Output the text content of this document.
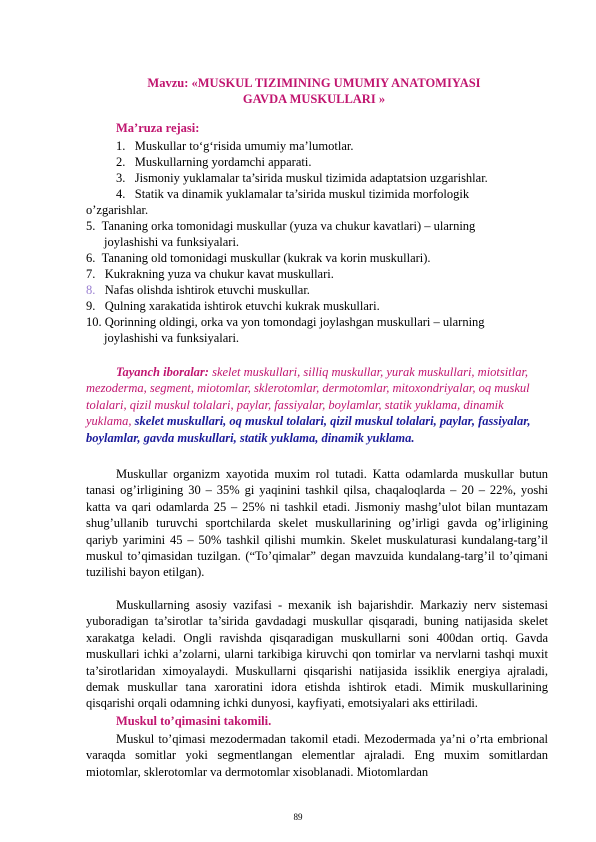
Mavzu: «MUSKUL TIZIMINING UMUMIY ANATOMIYASI
GAVDA MUSKULLARI »
Ma’ruza rejasi:
1. Muskullar to‘g‘risida umumiy ma’lumotlar.
2. Muskullarning yordamchi apparati.
3. Jismoniy yuklamalar ta’sirida muskul tizimida adaptatsion uzgarishlar.
4. Statik va dinamik yuklamalar ta’sirida muskul tizimida morfologik
o’zgarishlar.
5. Tananing orka tomonidagi muskullar (yuza va chukur kavatlari) – ularning
joylashishi va funksiyalari.
6. Tananing old tomonidagi muskullar (kukrak va korin muskullari).
7. Kukrakning yuza va chukur kavat muskullari.
8. Nafas olishda ishtirok etuvchi muskullar.
9. Qulning xarakatida ishtirok etuvchi kukrak muskullari.
10. Qorinning oldingi, orka va yon tomondagi joylashgan muskullari – ularning
joylashishi va funksiyalari.
Tayanch iboralar: skelet muskullari, silliq muskullar, yurak muskullari, miotsitlar, mezoderma, segment, miotomlar, sklerotomlar, dermotomlar, mitoxondriyalar, oq muskul tolalari, qizil muskul tolalari, paylar, fassiyalar, boylamlar, statik yuklama, dinamik yuklama, skelet muskullari, oq muskul tolalari, qizil muskul tolalari, paylar, fassiyalar, boylamlar, gavda muskullari, statik yuklama, dinamik yuklama.
Muskullar organizm xayotida muxim rol tutadi. Katta odamlarda muskullar butun tanasi og’irligining 30 – 35% gi yaqinini tashkil qilsa, chaqaloqlarda – 20 – 22%, yoshi katta va qari odamlarda 25 – 25% ni tashkil etadi. Jismoniy mashg’ulot bilan muntazam shug’ullanib turuvchi sportchilarda skelet muskullarining og’irligi gavda og’irligining qariyb yarimini 45 – 50% tashkil qilishi mumkin. Skelet muskulaturasi kundalang-targ’il muskul to’qimasidan tuzilgan. (“To’qimalar” degan mavzuida kundalang-targ’il to’qimani tuzilishi bayon etilgan).
Muskullarning asosiy vazifasi - mexanik ish bajarishdir. Markaziy nerv sistemasi yuboradigan ta’sirotlar ta’sirida gavdadagi muskullar qisqaradi, buning natijasida skelet xarakatga keladi. Ongli ravishda qisqaradigan muskullarni soni 400dan ortiq. Gavda muskullari ichki a’zolarni, ularni tarkibiga kiruvchi qon tomirlar va nervlarni tashqi muxit ta’sirotlaridan ximoyalaydi. Muskullarni qisqarishi natijasida issiklik energiya ajraladi, demak muskullar tana xaroratini idora etishda ishtirok etadi. Mimik muskullarining qisqarishi orqali odamning ichki dunyosi, kayfiyati, emotsiyalari aks ettiriladi.
Muskul to’qimasini takomili.
Muskul to’qimasi mezodermadan takomil etadi. Mezodermada ya’ni o’rta embrional varaqda somitlar yoki segmentlangan elementlar ajraladi. Eng muxim somitlardan miotomlar, sklerotomlar va dermotomlar xisoblanadi. Miotomlardan
89
